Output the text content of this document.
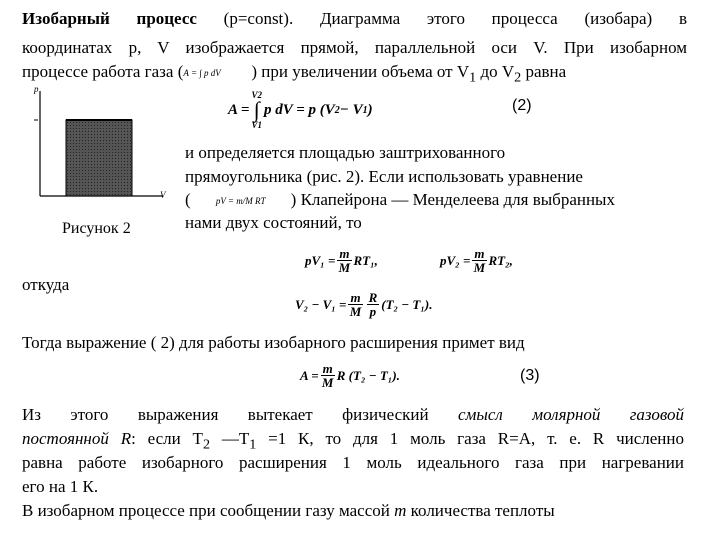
Изобарный процесс (p=const). Диаграмма этого процесса (изобара) в
координатах p, V изображается прямой, параллельной оси V. При изобарном
процессе работа газа (A = ∫ p dV ) при увеличении объема от $V_1$ до $V_2$ равна
p
V
Рисунок 2
A =
V2
∫
V1
p dV = p (V 2 − V 1 )	(2)
и определяется площадью заштрихованного
прямоугольника (рис. 2). Если использовать уравнение
(	pV = m/M RT ) Клапейрона — Менделеева для выбранных
нами двух состояний, то
$pV_1 = \frac{m}{M} RT_1$,	$pV_2 = \frac{m}{M} RT_2$,
откуда
$V_2 - V_1 = \frac{m}{M} \frac{R}{p} (T_2 - T_1)$.
Тогда выражение ( 2) для работы изобарного расширения примет вид
$A = \frac{m}{M}$ R (T₂ − T₁).	(3)
Из этого выражения вытекает физический смысл молярной газовой
постоянной R: если $T_2$ $—T_1 =1$ К, то для 1 моль газа R=A, т. е. R численно
равна работе изобарного расширения 1 моль идеального газа при нагревании
его на 1 К.
В изобарном процессе при сообщении газу массой m количества теплоты
